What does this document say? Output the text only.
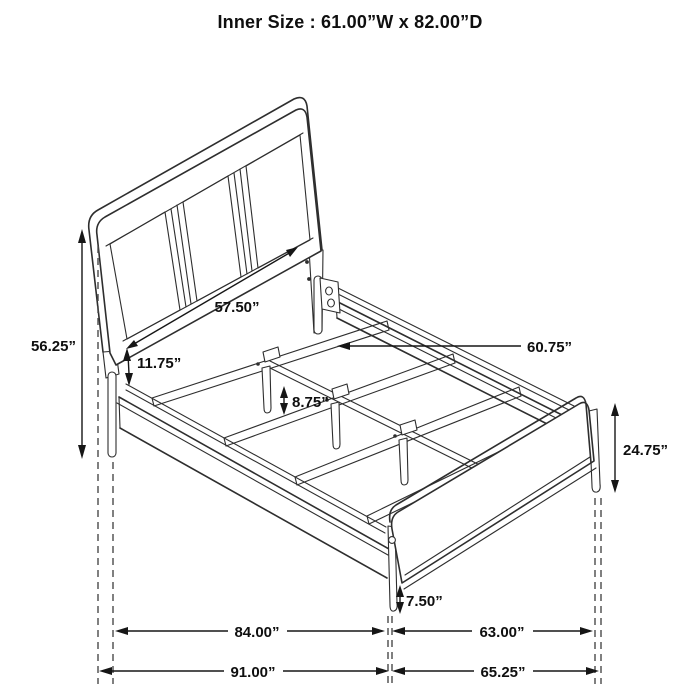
57.50”
11.75”
56.25”	60.75”
8.75”
24.75”
7.50”
84.00”	63.00”
91.00”	65.25”
Inner Size : 61.00”W x 82.00”D
